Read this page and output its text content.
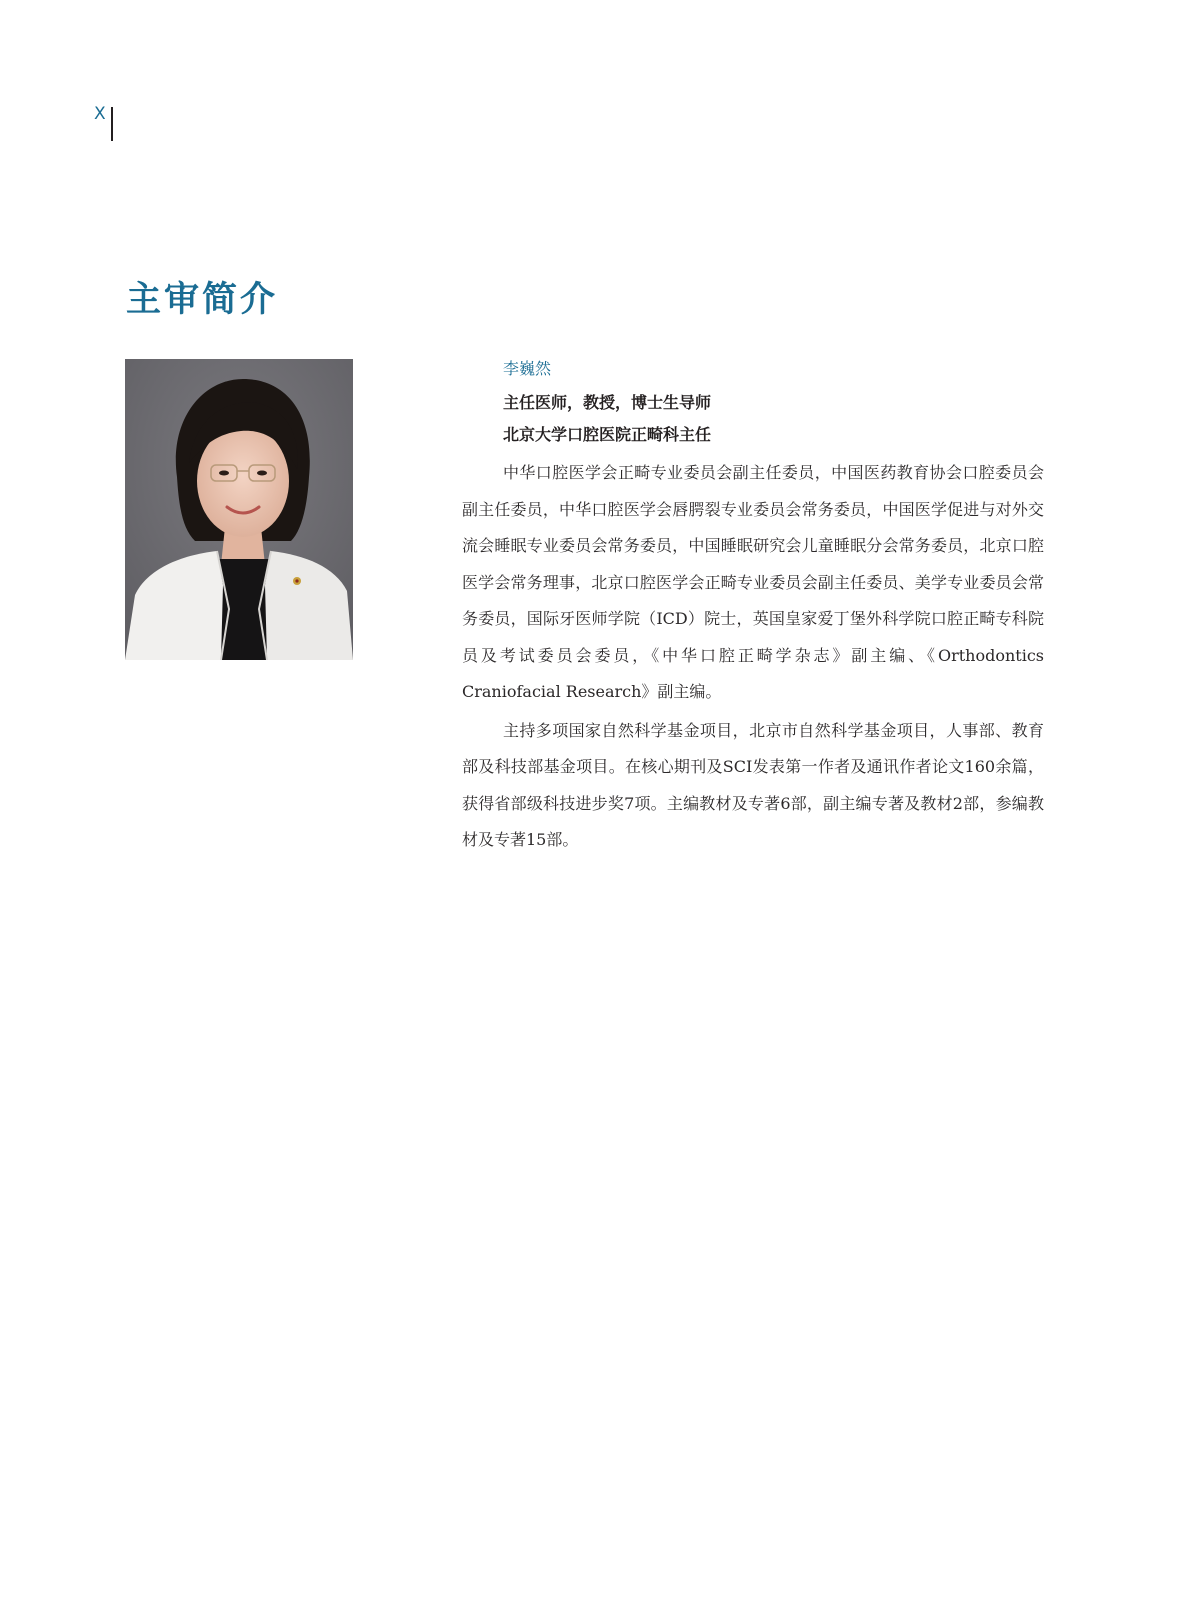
X
主审简介

李巍然

主任医师，教授，博士生导师

北京大学口腔医院正畸科主任

中华口腔医学会正畸专业委员会副主任委员，中国医药教育协会口腔委员会副主任委员，中华口腔医学会唇腭裂专业委员会常务委员，中国医学促进与对外交流会睡眠专业委员会常务委员，中国睡眠研究会儿童睡眠分会常务委员，北京口腔医学会常务理事，北京口腔医学会正畸专业委员会副主任委员、美学专业委员会常务委员，国际牙医师学院（ICD）院士，英国皇家爱丁堡外科学院口腔正畸专科院员及考试委员会委员，《中华口腔正畸学杂志》副主编、《Orthodontics Craniofacial Research》副主编。

主持多项国家自然科学基金项目，北京市自然科学基金项目，人事部、教育部及科技部基金项目。在核心期刊及SCI发表第一作者及通讯作者论文160余篇，获得省部级科技进步奖7项。主编教材及专著6部，副主编专著及教材2部，参编教材及专著15部。
